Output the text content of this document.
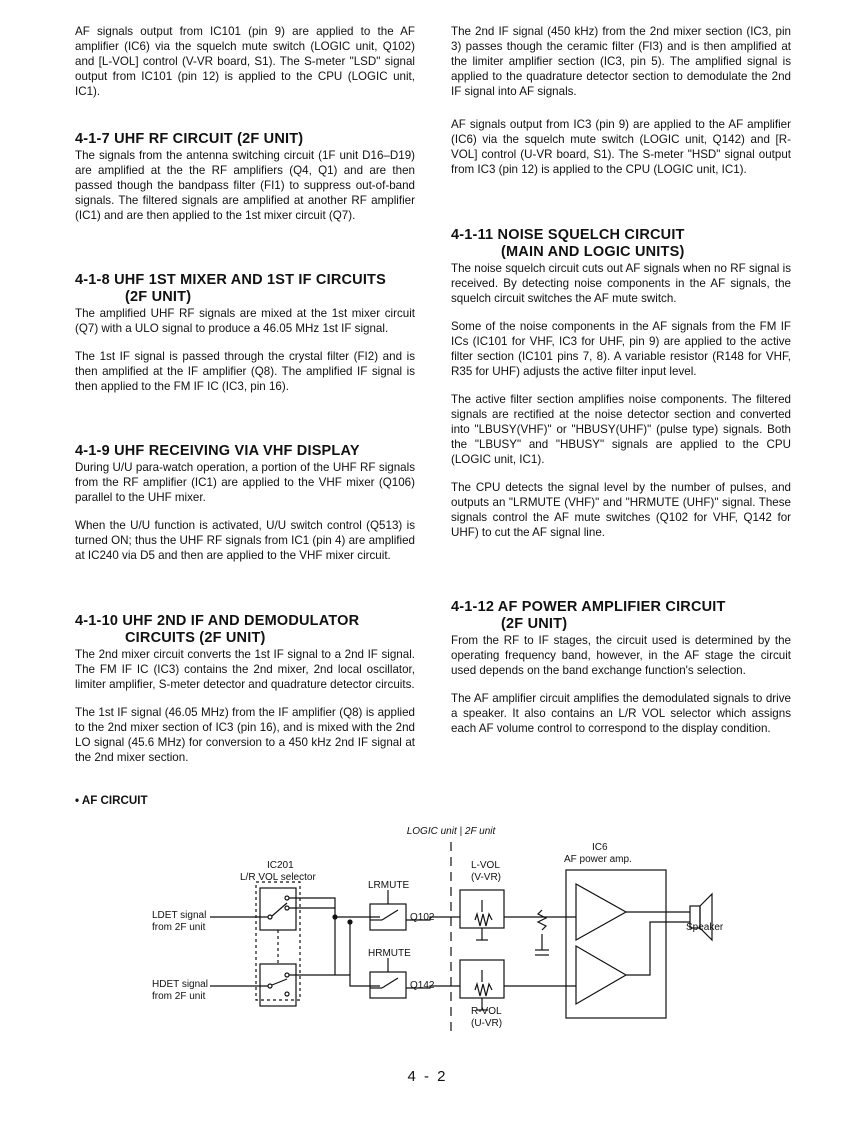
AF signals output from IC101 (pin 9) are applied to the AF amplifier (IC6) via the squelch mute switch (LOGIC unit, Q102) and [L-VOL] control (V-VR board, S1). The S-meter "LSD" signal output from IC101 (pin 12) is applied to the CPU (LOGIC unit, IC1).

4-1-7 UHF RF CIRCUIT (2F UNIT)

The signals from the antenna switching circuit (1F unit D16–D19) are amplified at the the RF amplifiers (Q4, Q1) and are then passed though the bandpass filter (FI1) to suppress out-of-band signals. The filtered signals are amplified at another RF amplifier (IC1) and are then applied to the 1st mixer circuit (Q7).

4-1-8 UHF 1ST MIXER AND 1ST IF CIRCUITS
(2F UNIT)

The amplified UHF RF signals are mixed at the 1st mixer circuit (Q7) with a ULO signal to produce a 46.05 MHz 1st IF signal.

The 1st IF signal is passed through the crystal filter (FI2) and is then amplified at the IF amplifier (Q8). The amplified IF signal is then applied to the FM IF IC (IC3, pin 16).

4-1-9 UHF RECEIVING VIA VHF DISPLAY

During U/U para-watch operation, a portion of the UHF RF signals from the RF amplifier (IC1) are applied to the VHF mixer (Q106) parallel to the UHF mixer.

When the U/U function is activated, U/U switch control (Q513) is turned ON; thus the UHF RF signals from IC1 (pin 4) are amplified at IC240 via D5 and then are applied to the VHF mixer circuit.

4-1-10 UHF 2ND IF AND DEMODULATOR
CIRCUITS (2F UNIT)

The 2nd mixer circuit converts the 1st IF signal to a 2nd IF signal. The FM IF IC (IC3) contains the 2nd mixer, 2nd local oscillator, limiter amplifier, S-meter detector and quadrature detector circuits.

The 1st IF signal (46.05 MHz) from the IF amplifier (Q8) is applied to the 2nd mixer section of IC3 (pin 16), and is mixed with the 2nd LO signal (45.6 MHz) for conversion to a 450 kHz 2nd IF signal at the 2nd mixer section.

The 2nd IF signal (450 kHz) from the 2nd mixer section (IC3, pin 3) passes though the ceramic filter (FI3) and is then amplified at the limiter amplifier section (IC3, pin 5). The amplified signal is applied to the quadrature detector section to demodulate the 2nd IF signal into AF signals.

AF signals output from IC3 (pin 9) are applied to the AF amplifier (IC6) via the squelch mute switch (LOGIC unit, Q142) and [R-VOL] control (U-VR board, S1). The S-meter "HSD" signal output from IC3 (pin 12) is applied to the CPU (LOGIC unit, IC1).

4-1-11 NOISE SQUELCH CIRCUIT
(MAIN AND LOGIC UNITS)

The noise squelch circuit cuts out AF signals when no RF signal is received. By detecting noise components in the AF signals, the squelch circuit switches the AF mute switch.

Some of the noise components in the AF signals from the FM IF ICs (IC101 for VHF, IC3 for UHF, pin 9) are applied to the active filter section (IC101 pins 7, 8). A variable resistor (R148 for VHF, R35 for UHF) adjusts the active filter input level.

The active filter section amplifies noise components. The filtered signals are rectified at the noise detector section and converted into "LBUSY(VHF)" or "HBUSY(UHF)" (pulse type) signals. Both the "LBUSY" and "HBUSY" signals are applied to the CPU (LOGIC unit, IC1).

The CPU detects the signal level by the number of pulses, and outputs an "LRMUTE (VHF)" and "HRMUTE (UHF)" signal. These signals control the AF mute switches (Q102 for VHF, Q142 for UHF) to cut the AF signal line.

4-1-12 AF POWER AMPLIFIER CIRCUIT
(2F UNIT)

From the RF to IF stages, the circuit used is determined by the operating frequency band, however, in the AF stage the circuit used depends on the band exchange function's selection.

The AF amplifier circuit amplifies the demodulated signals to drive a speaker. It also contains an L/R VOL selector which assigns each AF volume control to correspond to the display condition.

• AF CIRCUIT
LOGIC unit | 2F unit
IC201
L/R VOL selector
LDET signal
from 2F unit
HDET signal
from 2F unit
LRMUTE
HRMUTE
Q102
Q142
L-VOL
(V-VR)
R-VOL
(U-VR)
IC6
AF power amp.
Speaker
4 - 2
